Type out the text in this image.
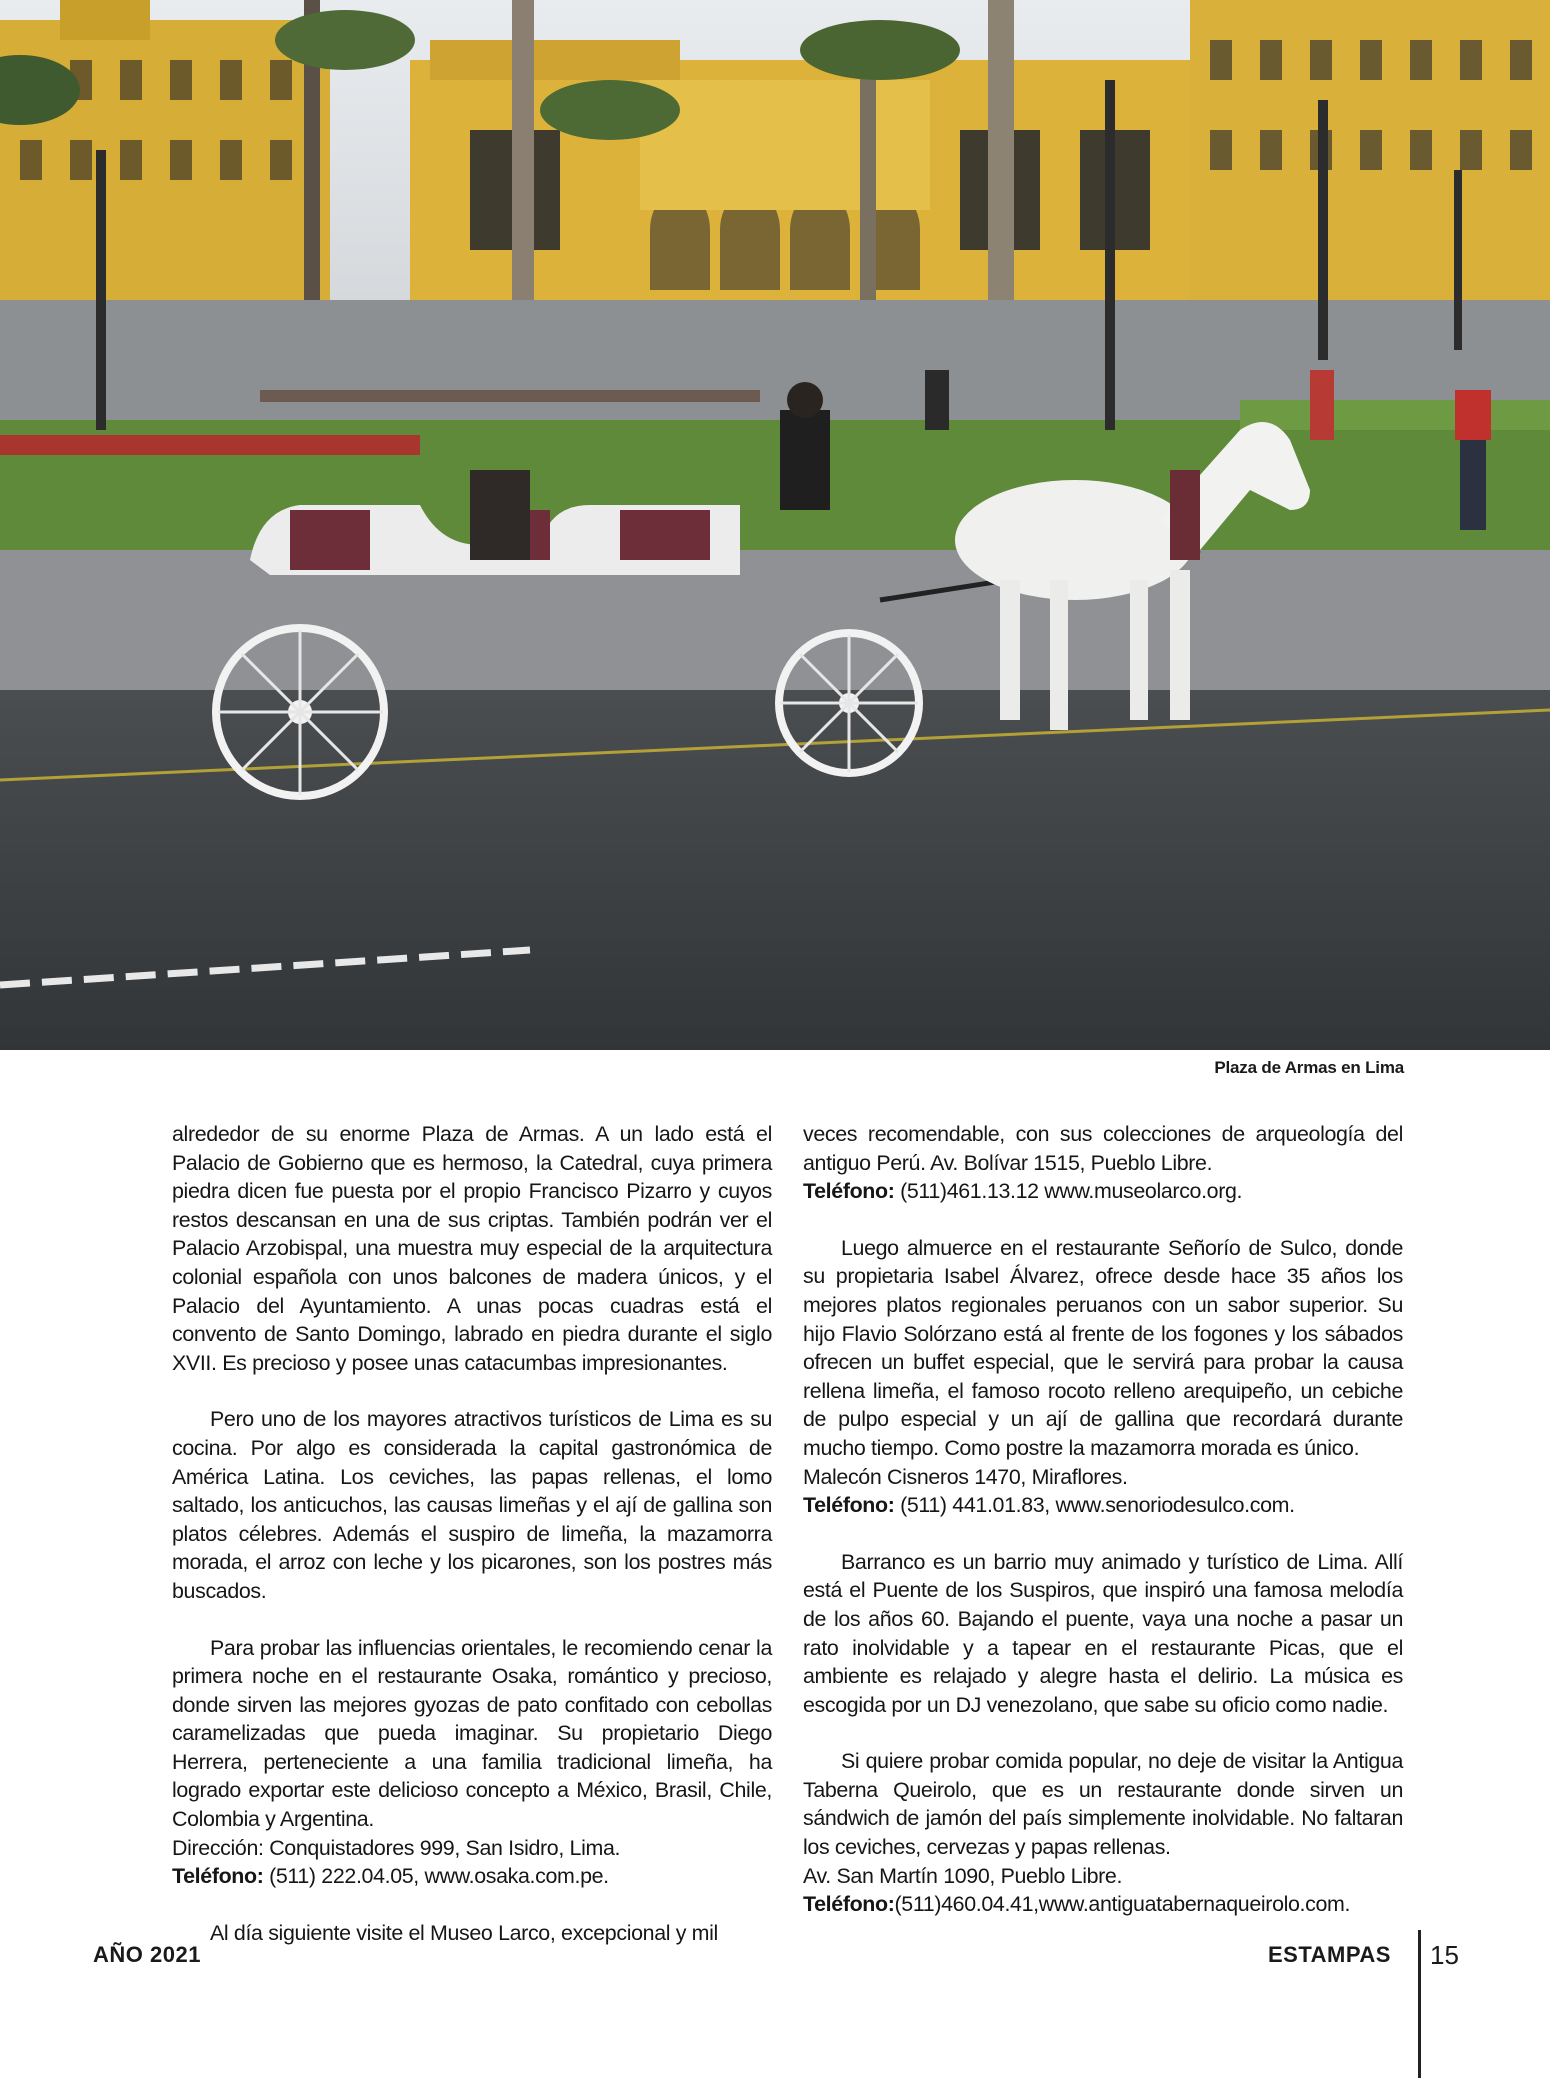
Plaza de Armas en Lima

alrededor de su enorme Plaza de Armas. A un lado está el Palacio de Gobierno que es hermoso, la Catedral, cuya primera piedra dicen fue puesta por el propio Francisco Pizarro y cuyos restos descansan en una de sus criptas. También podrán ver el Palacio Arzobispal, una muestra muy especial de la arquitectura colonial española con unos balcones de madera únicos, y el Palacio del Ayuntamiento. A unas pocas cuadras está el convento de Santo Domingo, labrado en piedra durante el siglo XVII. Es precioso y posee unas catacumbas impresionantes.

Pero uno de los mayores atractivos turísticos de Lima es su cocina. Por algo es considerada la capital gastronómica de América Latina. Los ceviches, las papas rellenas, el lomo saltado, los anticuchos, las causas limeñas y el ají de gallina son platos célebres. Además el suspiro de limeña, la mazamorra morada, el arroz con leche y los picarones, son los postres más buscados.

Para probar las influencias orientales, le recomiendo cenar la primera noche en el restaurante Osaka, romántico y precioso, donde sirven las mejores gyozas de pato confitado con cebollas caramelizadas que pueda imaginar. Su propietario Diego Herrera, perteneciente a una familia tradicional limeña, ha logrado exportar este delicioso concepto a México, Brasil, Chile, Colombia y Argentina.

Dirección: Conquistadores 999, San Isidro, Lima.
Teléfono: (511) 222.04.05, www.osaka.com.pe.

Al día siguiente visite el Museo Larco, excepcional y mil

veces recomendable, con sus colecciones de arqueología del antiguo Perú. Av. Bolívar 1515, Pueblo Libre.

Teléfono: (511)461.13.12 www.museolarco.org.

Luego almuerce en el restaurante Señorío de Sulco, donde su propietaria Isabel Álvarez, ofrece desde hace 35 años los mejores platos regionales peruanos con un sabor superior. Su hijo Flavio Solórzano está al frente de los fogones y los sábados ofrecen un buffet especial, que le servirá para probar la causa rellena limeña, el famoso rocoto relleno arequipeño, un cebiche de pulpo especial y un ají de gallina que recordará durante mucho tiempo. Como postre la mazamorra morada es único.

Malecón Cisneros 1470, Miraflores.
Teléfono: (511) 441.01.83, www.senoriodesulco.com.

Barranco es un barrio muy animado y turístico de Lima. Allí está el Puente de los Suspiros, que inspiró una famosa melodía de los años 60. Bajando el puente, vaya una noche a pasar un rato inolvidable y a tapear en el restaurante Picas, que el ambiente es relajado y alegre hasta el delirio. La música es escogida por un DJ venezolano, que sabe su oficio como nadie.

Si quiere probar comida popular, no deje de visitar la Antigua Taberna Queirolo, que es un restaurante donde sirven un sándwich de jamón del país simplemente inolvidable. No faltaran los ceviches, cervezas y papas rellenas.

Av. San Martín 1090, Pueblo Libre.
Teléfono:(511)460.04.41,www.antiguatabernaqueirolo.com.
AÑO 2021	ESTAMPAS 15
